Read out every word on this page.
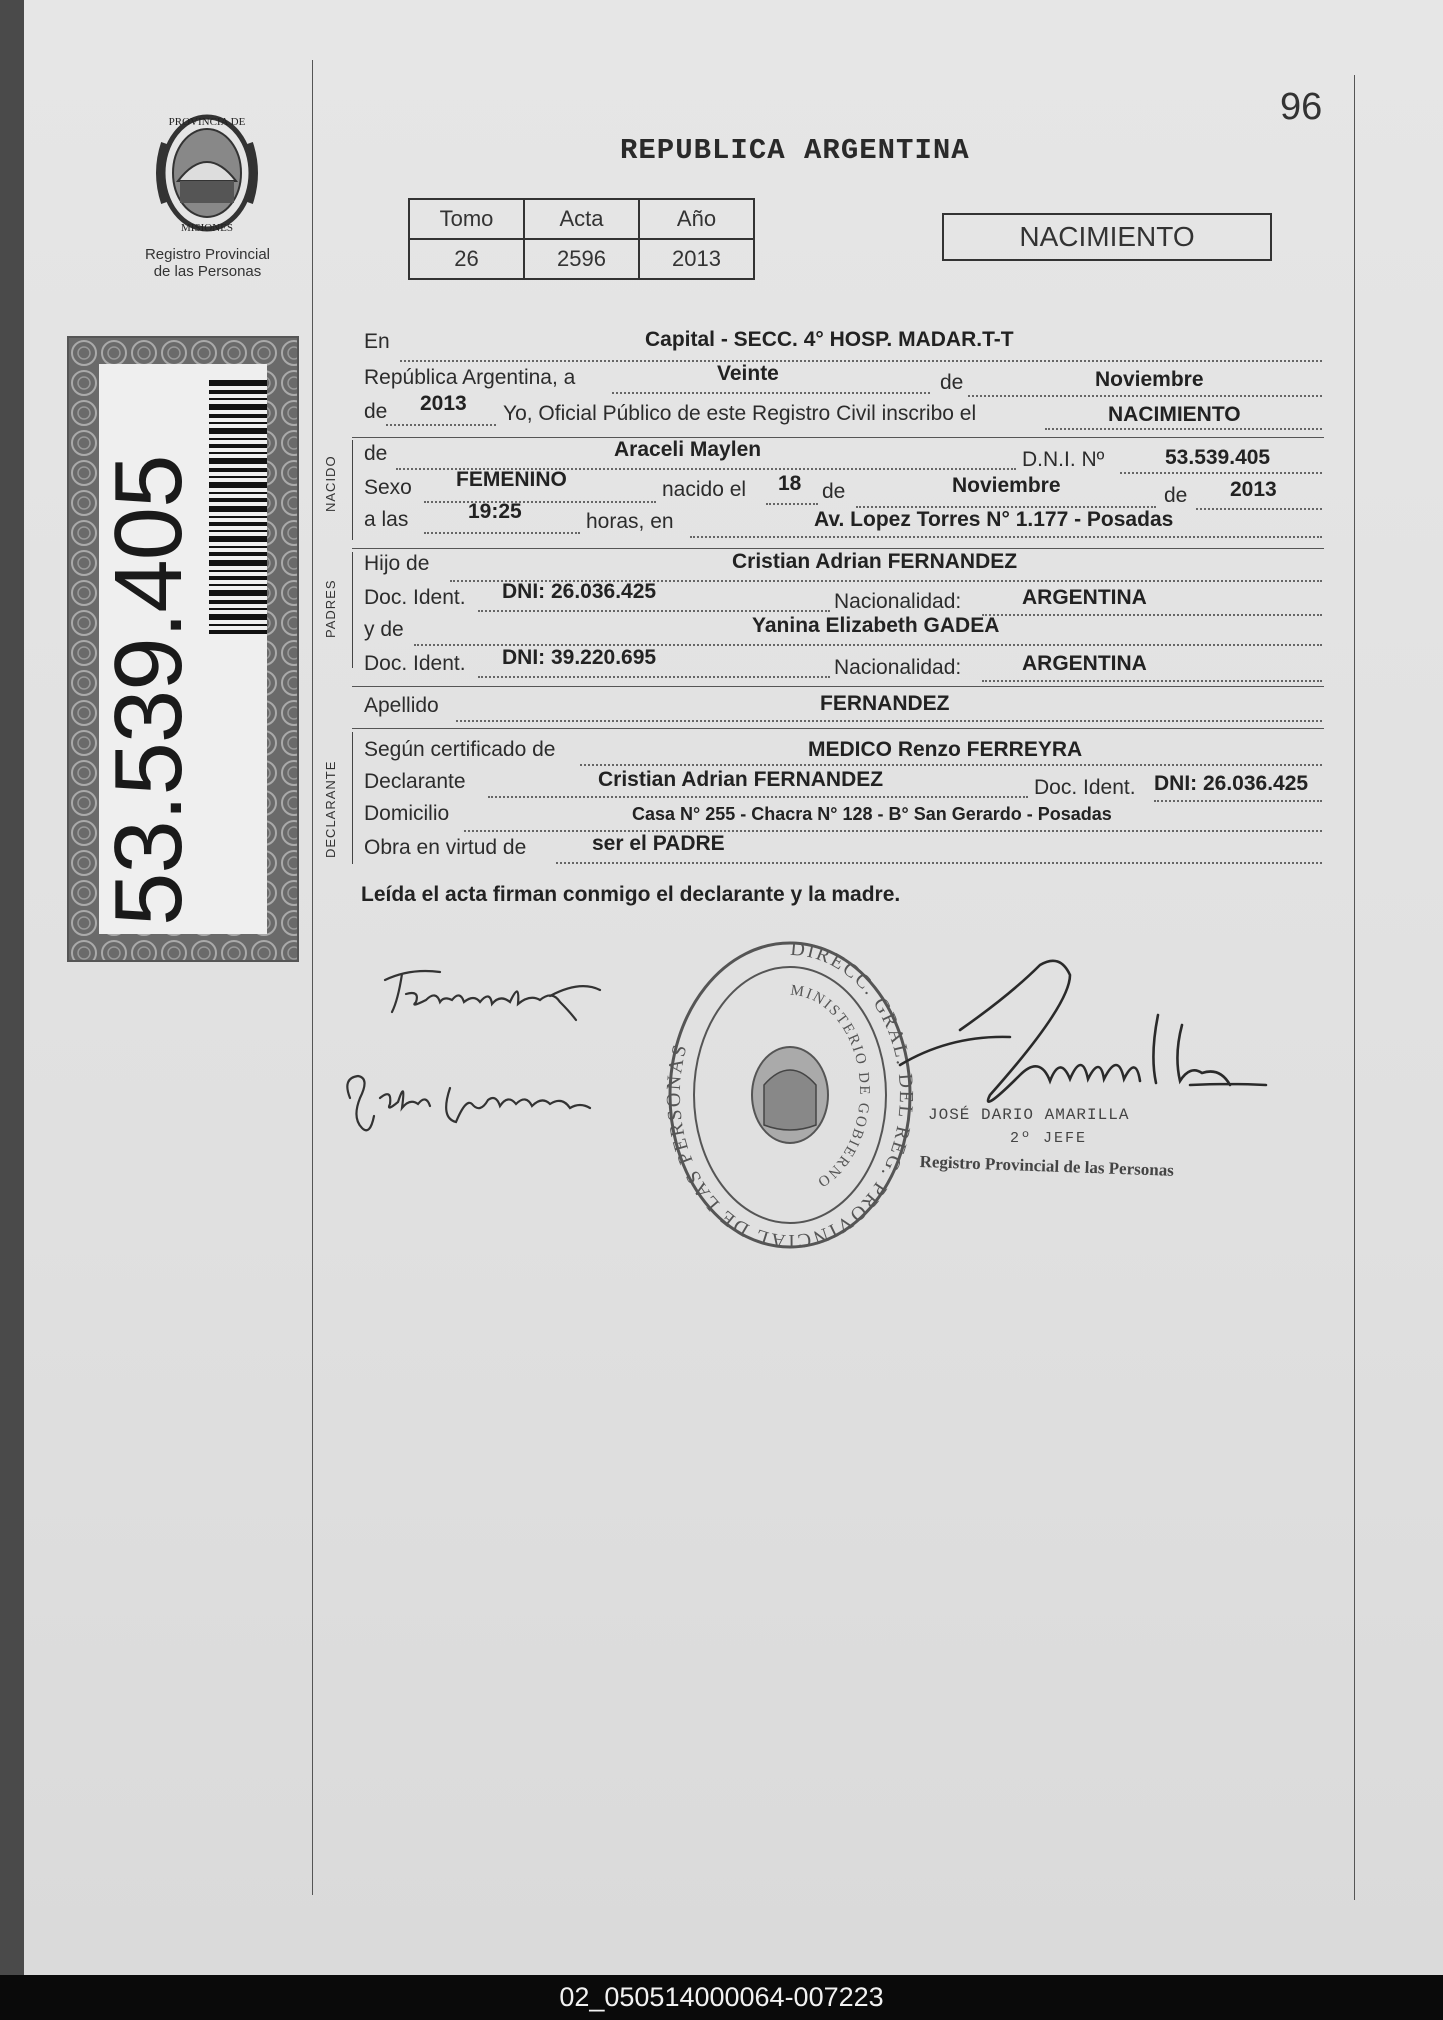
PROVINCIA DE
MISIONES
Registro Provincial
de las Personas
53.539.405
96
REPUBLICA ARGENTINA
Tomo	Acta	Año
26	2596	2013
NACIMIENTO
En	Capital - SECC. 4° HOSP. MADAR.T-T
República Argentina, a	Veinte	de	Noviembre
de 2013 Yo, Oficial Público de este Registro Civil inscribo el	NACIMIENTO
NACIDO
de	Araceli Maylen	D.N.I. Nº	53.539.405
Sexo FEMENINO	nacido el 18 de	Noviembre	de 2013
a las	19:25	horas, en	Av. Lopez Torres N° 1.177 - Posadas
PADRES
Hijo de	Cristian Adrian FERNANDEZ
Doc. Ident. DNI: 26.036.425	Nacionalidad:	ARGENTINA
y de	Yanina Elizabeth GADEA
Doc. Ident. DNI: 39.220.695	Nacionalidad:	ARGENTINA
Apellido	FERNANDEZ
DECLARANTE
Según certificado de	MEDICO Renzo FERREYRA
Declarante	Cristian Adrian FERNANDEZ	Doc. Ident. DNI: 26.036.425
Domicilio	Casa N° 255 - Chacra N° 128 - B° San Gerardo - Posadas
Obra en virtud de	ser el PADRE
Leída el acta firman conmigo el declarante y la madre.
DIRECC. GRAL. DEL REG. PROVINCIAL DE LAS PERSONAS
MINISTERIO DE GOBIERNO
JOSÉ DARIO AMARILLA
2º JEFE
Registro Provincial de las Personas
02_050514000064-007223
